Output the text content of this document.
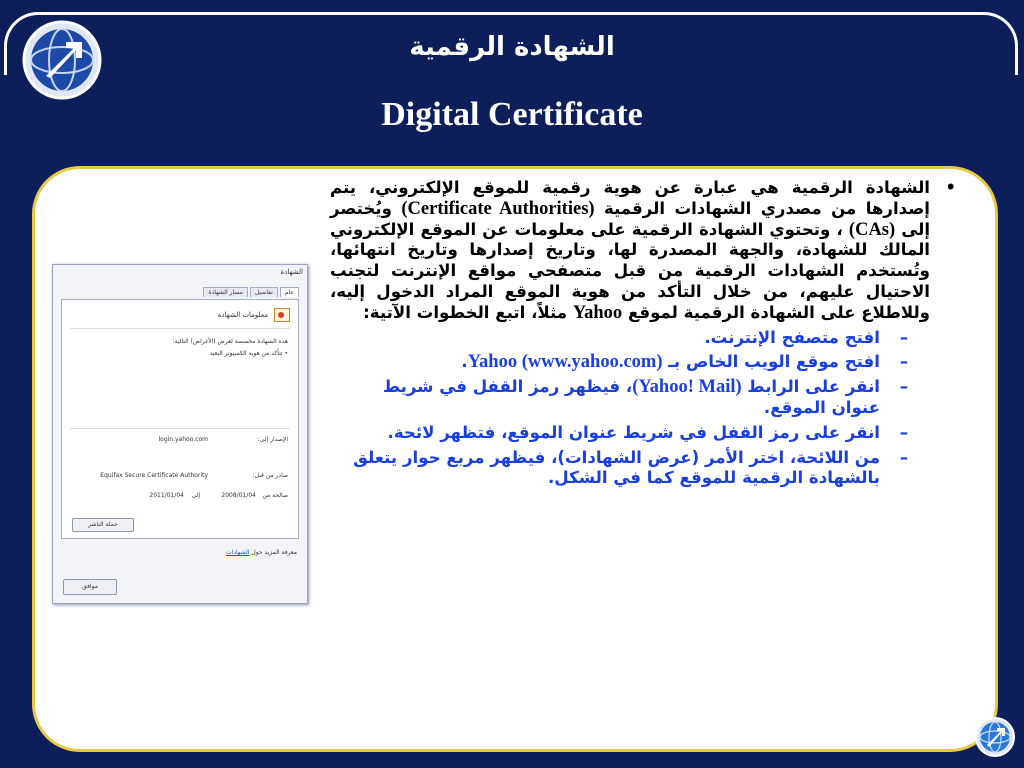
الشهادة الرقمية
Digital Certificate
الشهادة
عام
تفاصيل
مسار الشهادة
معلومات الشهادة
هذه الشهادة مخصصة لغرض (الأغراض) التالية:
• تتأكد من هوية الكمبيوتر البعيد
الإصدار إلى:
login.yahoo.com
صادر من قبل:
Equifax Secure Certificate Authority
صالحة من
2008/01/04
إلى
2011/01/04
جملة الناشر
معرفة المزيد حول الشهادات
موافق

•
الشهادة الرقمية هي عبارة عن هوية رقمية للموقع الإلكتروني، يتم إصدارها من مصدري الشهادات الرقمية (Certificate Authorities) ويُختصر إلى (CAs) ، وتحتوي الشهادة الرقمية على معلومات عن الموقع الإلكتروني المالك للشهادة، والجهة المصدرة لها، وتاريخ إصدارها وتاريخ انتهائها، وتُستخدم الشهادات الرقمية من قبل متصفحي مواقع الإنترنت لتجنب الاحتيال عليهم، من خلال التأكد من هوية الموقع المراد الدخول إليه، وللاطلاع على الشهادة الرقمية لموقع Yahoo مثلاً، اتبع الخطوات الآتية:

–
افتح متصفح الإنترنت.
–
افتح موقع الويب الخاص بـ Yahoo (www.yahoo.com).
–
انقر على الرابط (Yahoo! Mail)، فيظهر رمز القفل في شريط عنوان الموقع.
–
انقر على رمز القفل في شريط عنوان الموقع، فتظهر لائحة.
–
من اللائحة، اختر الأمر (عرض الشهادات)، فيظهر مربع حوار يتعلق بالشهادة الرقمية للموقع كما في الشكل.
